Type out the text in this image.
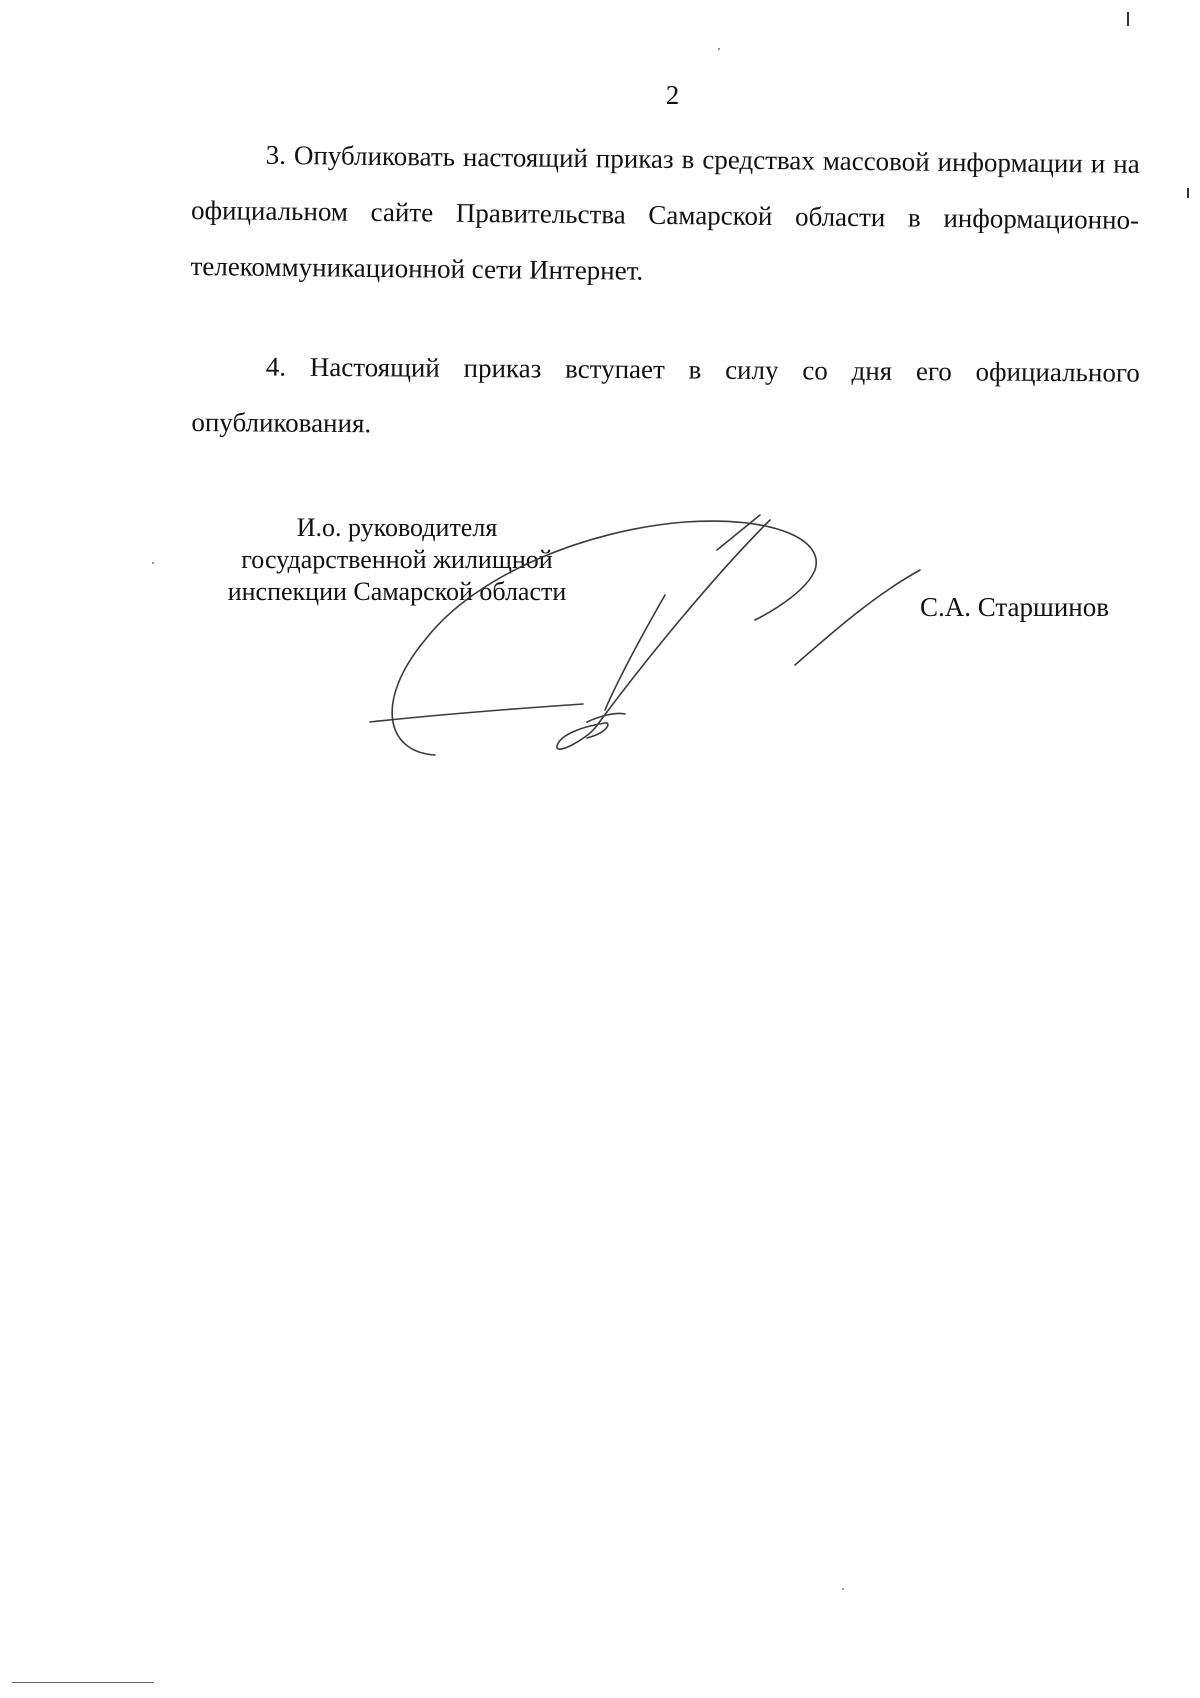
2
3. Опубликовать настоящий приказ в средствах массовой информации и на официальном сайте Правительства Самарской области в информационно-телекоммуникационной сети Интернет.
4. Настоящий приказ вступает в силу со дня его официального опубликования.
И.о. руководителя
государственной жилищной
инспекции Самарской области
С.А. Старшинов
